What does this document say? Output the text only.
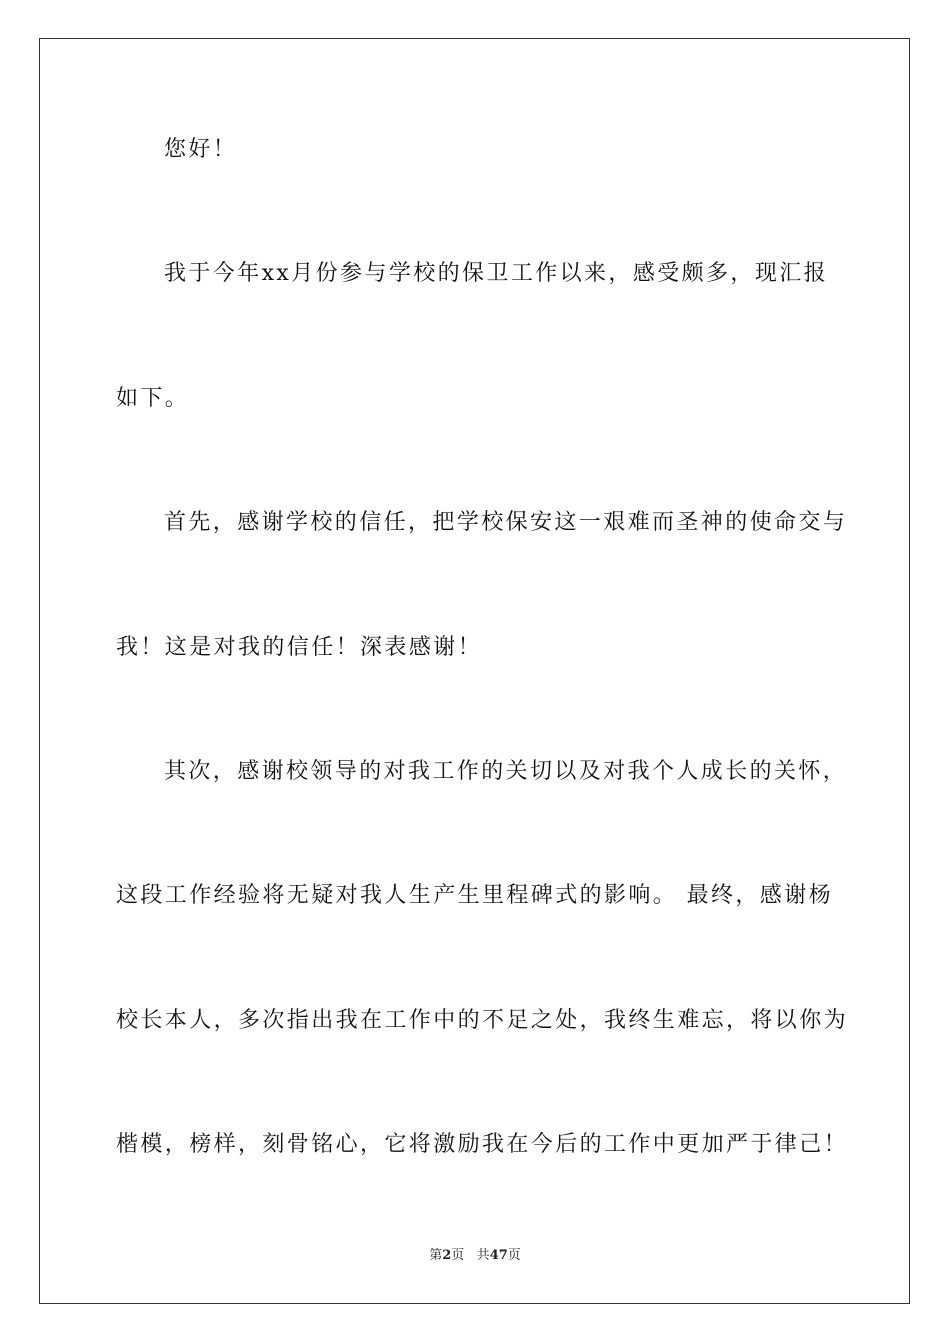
您好！
我于今年xx月份参与学校的保卫工作以来，感受颇多，现汇报
如下。
首先，感谢学校的信任，把学校保安这一艰难而圣神的使命交与
我！这是对我的信任！深表感谢！
其次，感谢校领导的对我工作的关切以及对我个人成长的关怀，
这段工作经验将无疑对我人生产生里程碑式的影响。 最终，感谢杨
校长本人，多次指出我在工作中的不足之处，我终生难忘，将以你为
楷模，榜样，刻骨铭心，它将激励我在今后的工作中更加严于律己！
第2页 共47页
